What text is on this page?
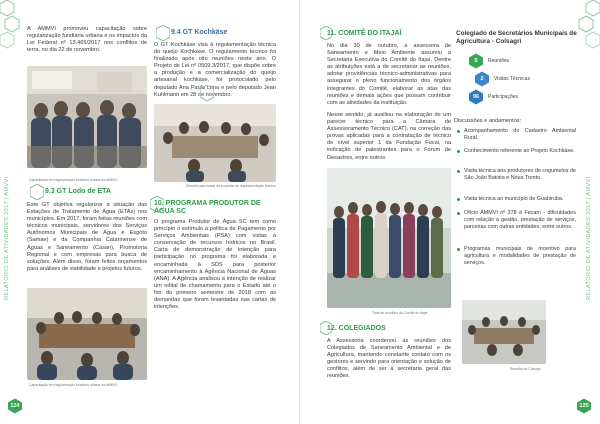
RELATÓRIO DE ATIVIDADES 2017 | AMVVI
A AMMVI promoveu capacitação sobre regularização fundiária urbana e os impactos da Lei Federal nº 13.465/2017 nos conflitos de terra, no dia 22 de novembro.
Capacitação em regularização fundiária urbana na AMMVI
9.3 GT Lodo de ETA
Este GT objetiva regularizar a situação das Estações de Tratamento de Água (ETAs) nos municípios. Em 2017, foram feitas reuniões com técnicos municipais, servidores dos Serviços Autônomos Municipais de Água e Esgoto (Samae) e da Companhia Catarinense de Águas e Saneamento (Casan), Promotoria Regional e com empresas para busca de soluções. Além disso, foram feitos orçamentos para análises de viabilidade e projetos futuros.
Capacitação em regularização fundiária urbana na AMMVI
9.4 GT Kochkäse
O GT Kochkäse visa à regulamentação técnica do queijo Kochkäse. O regulamento técnico foi finalizado após oito reuniões neste ano. O Projeto de Lei nº 0509.3/2017, que dispõe sobre a produção e a comercialização do queijo artesanal kochkäse, foi protocolado pelo deputado Ana Paula Lima e pelo deputado Jean Kuhlmann em 28 de novembro.
Reunião para tratar da proposta de regulamentação técnica
10. PROGRAMA PRODUTOR DE ÁGUA SC
O programa Produtor de Água SC tem como princípio o estímulo à política de Pagamento por Serviços Ambientais (PSA) com vistas à conservação de recursos hídricos no Brasil. Carta de demonstração de intenção para participação no programa foi elaborada e encaminhada à SDS para posterior encaminhamento à Agência Nacional de Águas (ANA). A Agência analisou a intenção de realizar um edital de chamamento para o Estado até o fim do primeiro semestre de 2018 com as demandas que foram levantadas nas cartas de intenções.
124
RELATÓRIO DE ATIVIDADES 2017 | AMVVI
11. COMITÊ DO ITAJAÍ
No dia 30 de outubro, a assessora de Saneamento e Meio Ambiente assumiu a Secretaria Executiva do Comitê do Itajaí. Dentre as atribuições está a de secretariar as reuniões, adotar providências técnico-administrativas para assegurar o pleno funcionamento dos órgãos integrantes do Comitê, elaborar as atas das reuniões e demais ações que possam contribuir com as atividades da instituição.
Nesse sentido, já auxiliou na elaboração de um parecer técnico para a Câmara de Assessoramento Técnico (CAT), na correção das provas aplicadas para a contratação de técnico de nível superior 1 da Fundação Fuvai, na indicação de palestrantes para o Fórum de Desastres, entre outros.
Toda de reuniões do Comitê do Itajaí
12. COLEGIADOS
A Assessoria coordenou as reuniões dos Colegiados de Saneamento Ambiental e de Agricultura, mantendo constante contato com os gestores e servindo para orientação e solução de conflitos, além de ser a secretaria geral das reuniões.
Colegiado de Secretários Municipais de Agricultura - Colsagri
5 Reuniões
2 Visitas Técnicas
96 Participações
Discussões e andamentos:
Acompanhamento do Cadastro Ambiental Rural.
Conhecimento referente ao Projeto Kochkäse.
Visita técnica aos produtores de cogumelos de São João Batista e Nova Trento.
Visita técnica ao município de Guabiruba.
Ofício AMMVI nº 378 à Fecam - dificuldades com relação à gestão, prestação de serviços, parcerias com outras entidades, entre outros.
Programas municipais de incentivo para agricultura e modalidades de prestação de serviços.
Reunião do Colsagri
125
